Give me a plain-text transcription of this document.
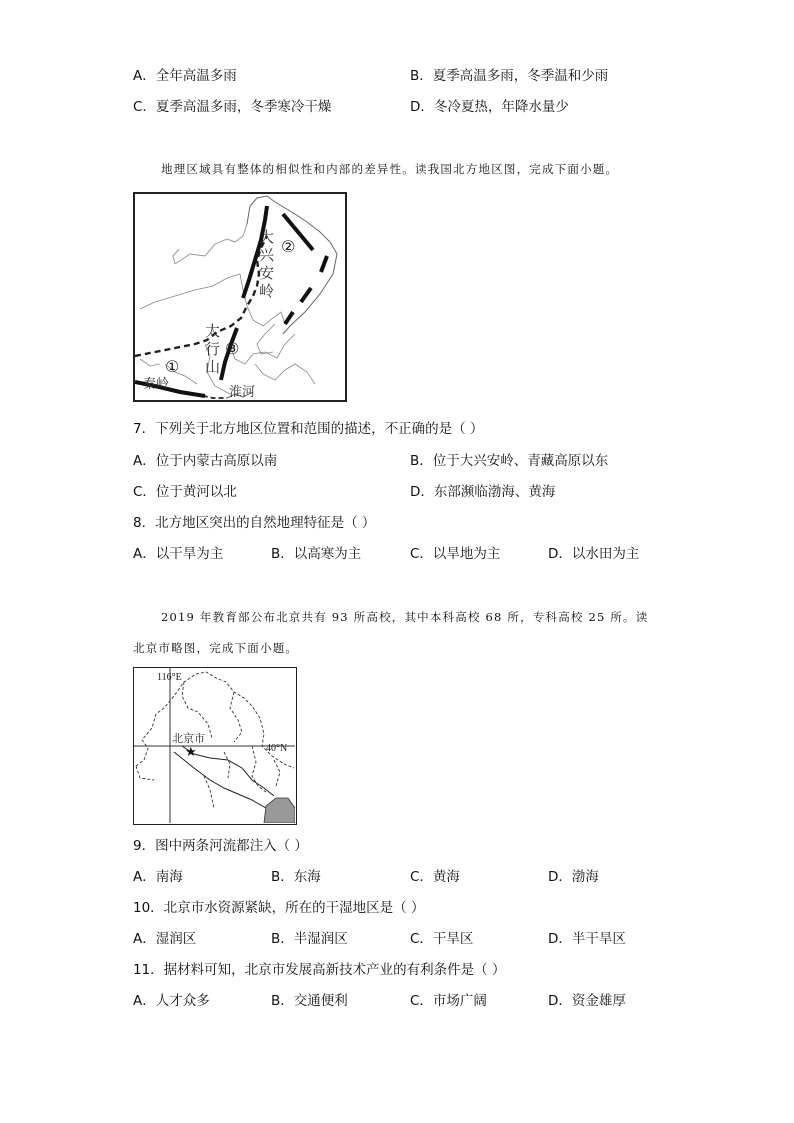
A．全年高温多雨	B．夏季高温多雨，冬季温和少雨
C．夏季高温多雨，冬季寒冷干燥	D．冬冷夏热，年降水量少
地理区域具有整体的相似性和内部的差异性。读我国北方地区图，完成下面小题。
大
兴
安
岭
②
太
行
山
③
①
秦岭
淮河
7．下列关于北方地区位置和范围的描述，不正确的是（ ）
A．位于内蒙古高原以南	B．位于大兴安岭、青藏高原以东
C．位于黄河以北	D．东部濒临渤海、黄海
8．北方地区突出的自然地理特征是（ ）
A．以干旱为主	B．以高寒为主	C．以旱地为主	D．以水田为主
2019 年教育部公布北京共有 93 所高校，其中本科高校 68 所，专科高校 25 所。读
北京市略图，完成下面小题。
116°E
40°N
北京市
★
9．图中两条河流都注入（ ）
A．南海	B．东海	C．黄海	D．渤海
10．北京市水资源紧缺，所在的干湿地区是（ ）
A．湿润区	B．半湿润区	C．干旱区	D．半干旱区
11．据材料可知，北京市发展高新技术产业的有利条件是（ ）
A．人才众多	B．交通便利	C．市场广阔	D．资金雄厚
